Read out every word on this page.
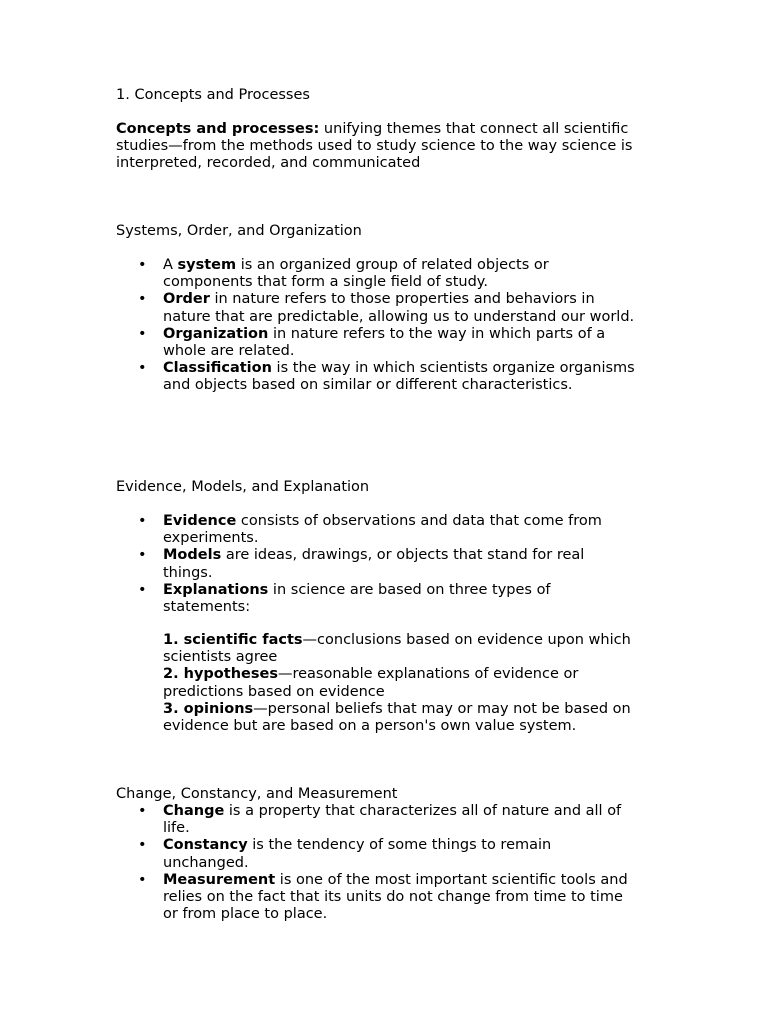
1. Concepts and Processes

Concepts and processes: unifying themes that connect all scientific studies—from the methods used to study science to the way science is interpreted, recorded, and communicated

Systems, Order, and Organization

• A system is an organized group of related objects or components that form a single field of study.
• Order in nature refers to those properties and behaviors in nature that are predictable, allowing us to understand our world.
• Organization in nature refers to the way in which parts of a whole are related.
• Classification is the way in which scientists organize organisms and objects based on similar or different characteristics.

Evidence, Models, and Explanation

• Evidence consists of observations and data that come from experiments.
• Models are ideas, drawings, or objects that stand for real things.
• Explanations in science are based on three types of statements:
1. scientific facts—conclusions based on evidence upon which scientists agree
2. hypotheses—reasonable explanations of evidence or predictions based on evidence
3. opinions—personal beliefs that may or may not be based on evidence but are based on a person's own value system.

Change, Constancy, and Measurement

• Change is a property that characterizes all of nature and all of life.
• Constancy is the tendency of some things to remain unchanged.
• Measurement is one of the most important scientific tools and relies on the fact that its units do not change from time to time or from place to place.
